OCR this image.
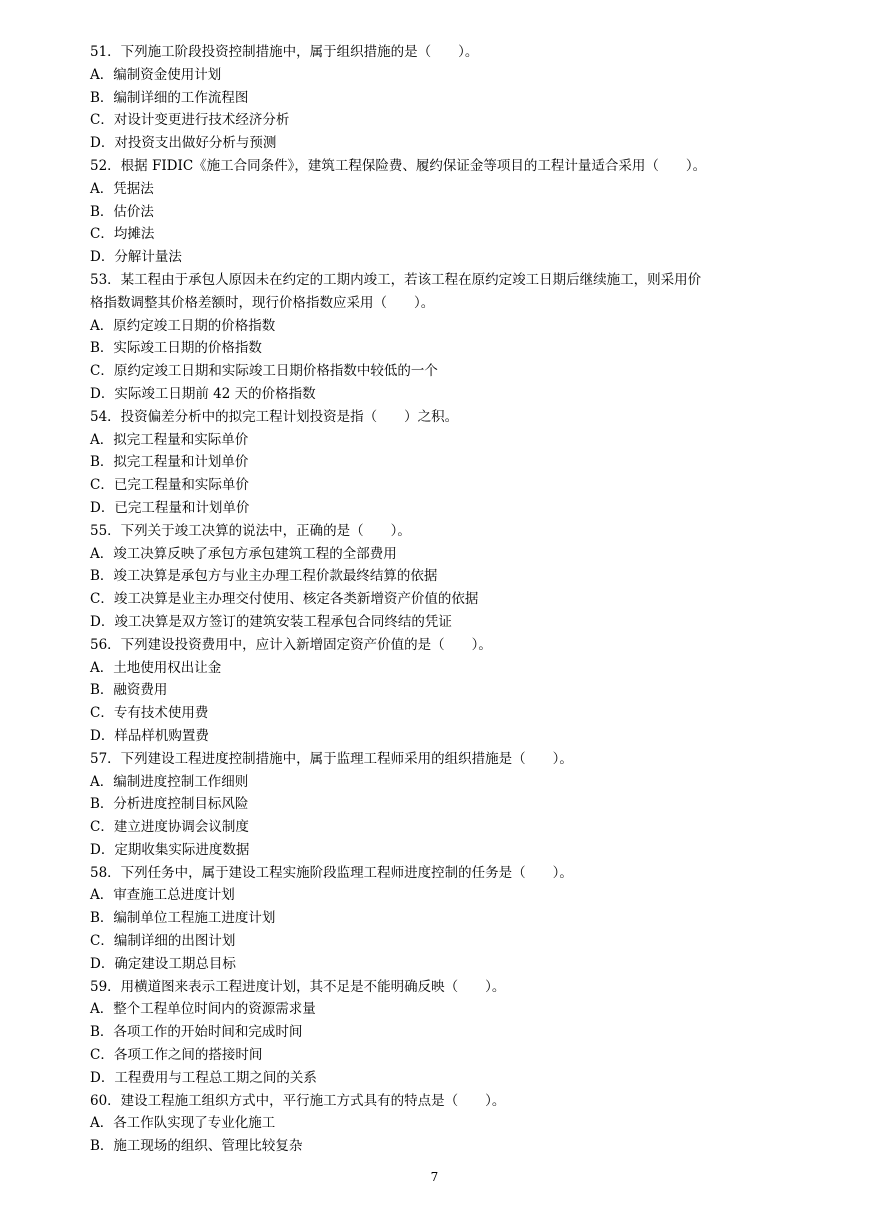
51．下列施工阶段投资控制措施中，属于组织措施的是（　　）。

A．编制资金使用计划

B．编制详细的工作流程图

C．对设计变更进行技术经济分析

D．对投资支出做好分析与预测

52．根据 FIDIC《施工合同条件》，建筑工程保险费、履约保证金等项目的工程计量适合采用（　　）。

A．凭据法

B．估价法

C．均摊法

D．分解计量法

53．某工程由于承包人原因未在约定的工期内竣工，若该工程在原约定竣工日期后继续施工，则采用价

格指数调整其价格差额时，现行价格指数应采用（　　）。

A．原约定竣工日期的价格指数

B．实际竣工日期的价格指数

C．原约定竣工日期和实际竣工日期价格指数中较低的一个

D．实际竣工日期前 42 天的价格指数

54．投资偏差分析中的拟完工程计划投资是指（　　）之积。

A．拟完工程量和实际单价

B．拟完工程量和计划单价

C．已完工程量和实际单价

D．已完工程量和计划单价

55．下列关于竣工决算的说法中，正确的是（　　）。

A．竣工决算反映了承包方承包建筑工程的全部费用

B．竣工决算是承包方与业主办理工程价款最终结算的依据

C．竣工决算是业主办理交付使用、核定各类新增资产价值的依据

D．竣工决算是双方签订的建筑安装工程承包合同终结的凭证

56．下列建设投资费用中，应计入新增固定资产价值的是（　　）。

A．土地使用权出让金

B．融资费用

C．专有技术使用费

D．样品样机购置费

57．下列建设工程进度控制措施中，属于监理工程师采用的组织措施是（　　）。

A．编制进度控制工作细则

B．分析进度控制目标风险

C．建立进度协调会议制度

D．定期收集实际进度数据

58．下列任务中，属于建设工程实施阶段监理工程师进度控制的任务是（　　）。

A．审查施工总进度计划

B．编制单位工程施工进度计划

C．编制详细的出图计划

D．确定建设工期总目标

59．用横道图来表示工程进度计划，其不足是不能明确反映（　　）。

A．整个工程单位时间内的资源需求量

B．各项工作的开始时间和完成时间

C．各项工作之间的搭接时间

D．工程费用与工程总工期之间的关系

60．建设工程施工组织方式中，平行施工方式具有的特点是（　　）。

A．各工作队实现了专业化施工

B．施工现场的组织、管理比较复杂

7
